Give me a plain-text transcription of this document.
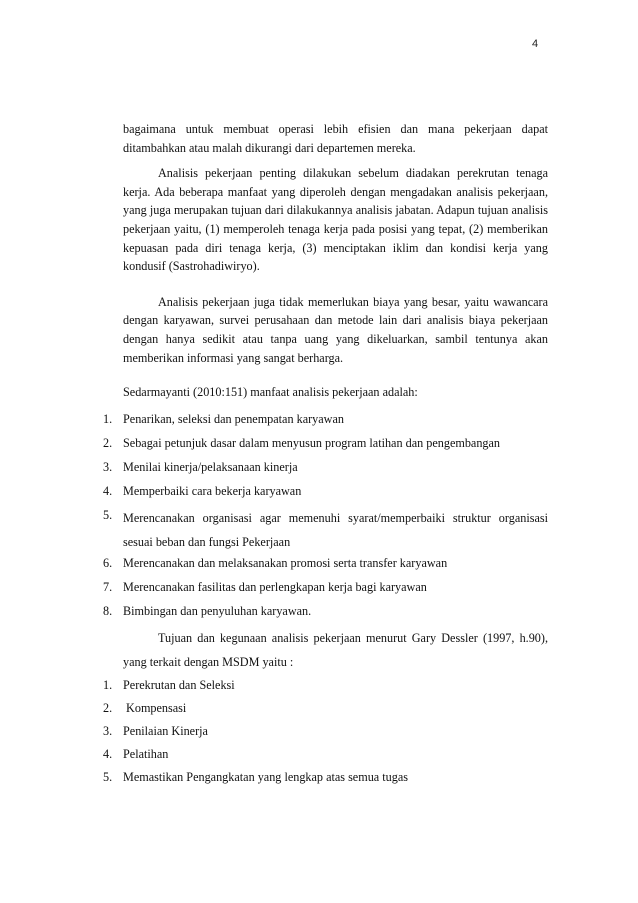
4

bagaimana untuk membuat operasi lebih efisien dan mana pekerjaan dapat ditambahkan atau malah dikurangi dari departemen mereka.

Analisis pekerjaan penting dilakukan sebelum diadakan perekrutan tenaga kerja. Ada beberapa manfaat yang diperoleh dengan mengadakan analisis pekerjaan, yang juga merupakan tujuan dari dilakukannya analisis jabatan. Adapun tujuan analisis pekerjaan yaitu, (1) memperoleh tenaga kerja pada posisi yang tepat, (2) memberikan kepuasan pada diri tenaga kerja, (3) menciptakan iklim dan kondisi kerja yang kondusif (Sastrohadiwiryo).

Analisis pekerjaan juga tidak memerlukan biaya yang besar, yaitu wawancara dengan karyawan, survei perusahaan dan metode lain dari analisis biaya pekerjaan dengan hanya sedikit atau tanpa uang yang dikeluarkan, sambil tentunya akan memberikan informasi yang sangat berharga.

Sedarmayanti (2010:151) manfaat analisis pekerjaan adalah:

1. Penarikan, seleksi dan penempatan karyawan
2. Sebagai petunjuk dasar dalam menyusun program latihan dan pengembangan
3. Menilai kinerja/pelaksanaan kinerja
4. Memperbaiki cara bekerja karyawan
5. Merencanakan organisasi agar memenuhi syarat/memperbaiki struktur organisasi sesuai beban dan fungsi Pekerjaan
6. Merencanakan dan melaksanakan promosi serta transfer karyawan
7. Merencanakan fasilitas dan perlengkapan kerja bagi karyawan
8. Bimbingan dan penyuluhan karyawan.

Tujuan dan kegunaan analisis pekerjaan menurut Gary Dessler (1997, h.90), yang terkait dengan MSDM yaitu :

1. Perekrutan dan Seleksi
2. Kompensasi
3. Penilaian Kinerja
4. Pelatihan
5. Memastikan Pengangkatan yang lengkap atas semua tugas
